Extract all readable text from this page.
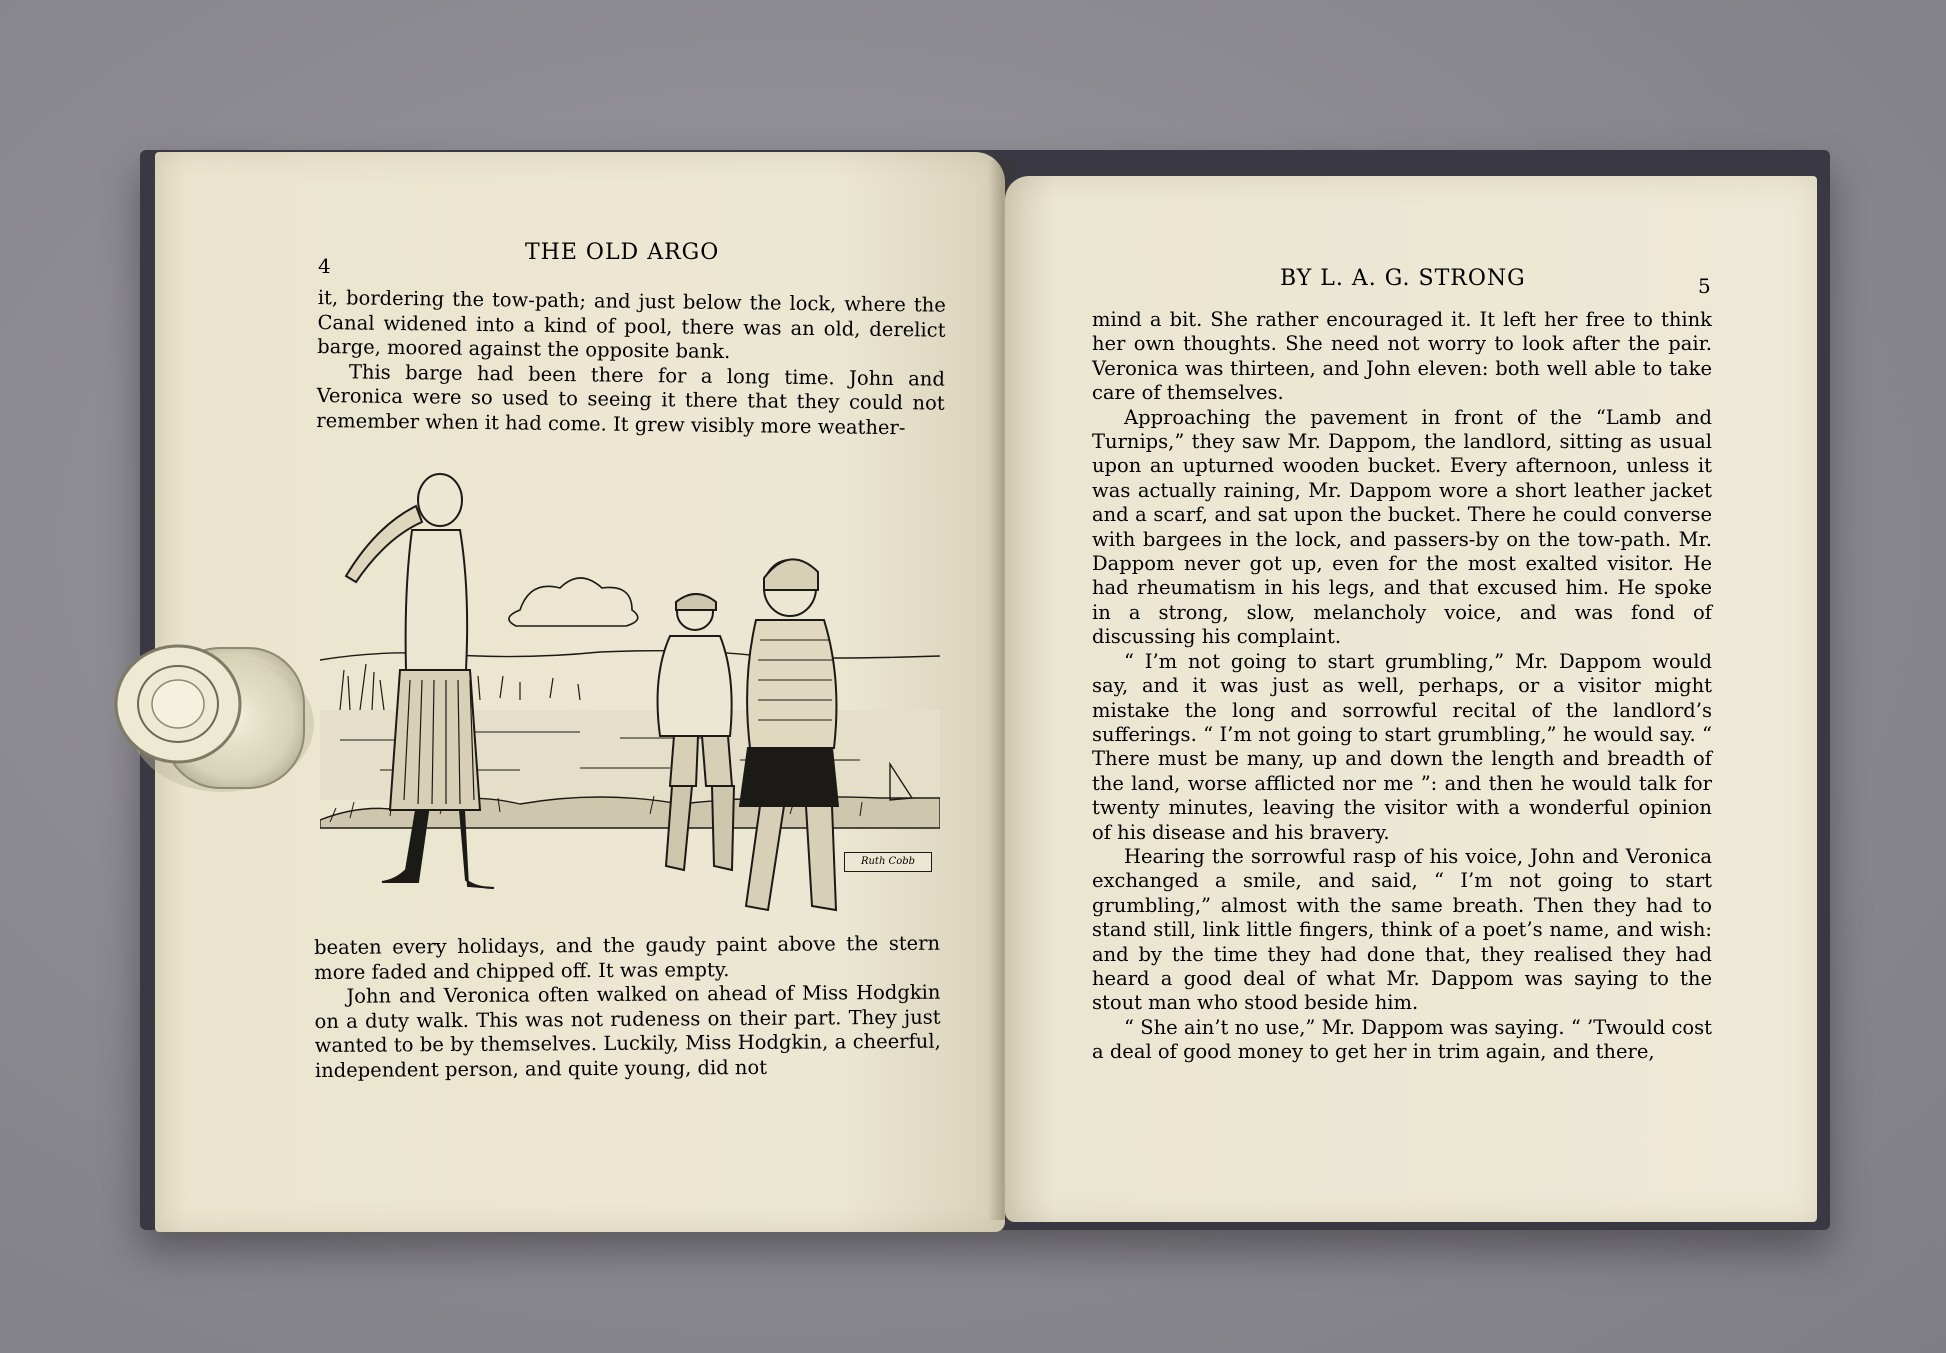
4
THE OLD ARGO

it, bordering the tow-path; and just below the lock, where the Canal widened into a kind of pool, there was an old, derelict barge, moored against the opposite bank.

This barge had been there for a long time. John and Veronica were so used to seeing it there that they could not remember when it had come. It grew visibly more weather-

Ruth Cobb

beaten every holidays, and the gaudy paint above the stern more faded and chipped off. It was empty.

John and Veronica often walked on ahead of Miss Hodgkin on a duty walk. This was not rudeness on their part. They just wanted to be by themselves. Luckily, Miss Hodgkin, a cheerful, independent person, and quite young, did not

BY L. A. G. STRONG	5

mind a bit. She rather encouraged it. It left her free to think her own thoughts. She need not worry to look after the pair. Veronica was thirteen, and John eleven: both well able to take care of themselves.

Approaching the pavement in front of the “Lamb and Turnips,” they saw Mr. Dappom, the landlord, sitting as usual upon an upturned wooden bucket. Every afternoon, unless it was actually raining, Mr. Dappom wore a short leather jacket and a scarf, and sat upon the bucket. There he could converse with bargees in the lock, and passers-by on the tow-path. Mr. Dappom never got up, even for the most exalted visitor. He had rheumatism in his legs, and that excused him. He spoke in a strong, slow, melancholy voice, and was fond of discussing his complaint.

“ I’m not going to start grumbling,” Mr. Dappom would say, and it was just as well, perhaps, or a visitor might mistake the long and sorrowful recital of the landlord’s sufferings. “ I’m not going to start grumbling,” he would say. “ There must be many, up and down the length and breadth of the land, worse afflicted nor me ”: and then he would talk for twenty minutes, leaving the visitor with a wonderful opinion of his disease and his bravery.

Hearing the sorrowful rasp of his voice, John and Veronica exchanged a smile, and said, “ I’m not going to start grumbling,” almost with the same breath. Then they had to stand still, link little fingers, think of a poet’s name, and wish: and by the time they had done that, they realised they had heard a good deal of what Mr. Dappom was saying to the stout man who stood beside him.

“ She ain’t no use,” Mr. Dappom was saying. “ ’Twould cost a deal of good money to get her in trim again, and there,
